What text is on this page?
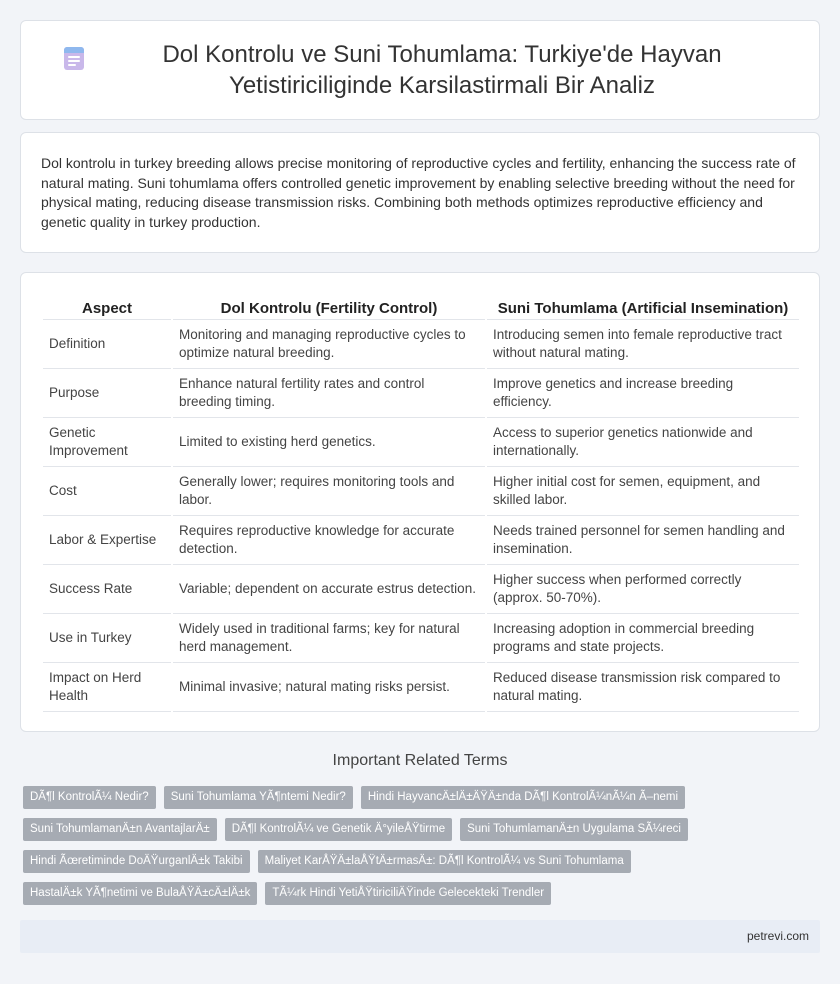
Dol Kontrolu ve Suni Tohumlama: Turkiye'de Hayvan Yetistiriciliginde Karsilastirmali Bir Analiz

Dol kontrolu in turkey breeding allows precise monitoring of reproductive cycles and fertility, enhancing the success rate of natural mating. Suni tohumlama offers controlled genetic improvement by enabling selective breeding without the need for physical mating, reducing disease transmission risks. Combining both methods optimizes reproductive efficiency and genetic quality in turkey production.

Aspect	Dol Kontrolu (Fertility Control)	Suni Tohumlama (Artificial Insemination)
Definition	Monitoring and managing reproductive cycles to optimize natural breeding.	Introducing semen into female reproductive tract without natural mating.
Purpose	Enhance natural fertility rates and control breeding timing.	Improve genetics and increase breeding efficiency.
Genetic Improvement	Limited to existing herd genetics.	Access to superior genetics nationwide and internationally.
Cost	Generally lower; requires monitoring tools and labor.	Higher initial cost for semen, equipment, and skilled labor.
Labor & Expertise	Requires reproductive knowledge for accurate detection.	Needs trained personnel for semen handling and insemination.
Success Rate	Variable; dependent on accurate estrus detection.	Higher success when performed correctly (approx. 50-70%).
Use in Turkey	Widely used in traditional farms; key for natural herd management.	Increasing adoption in commercial breeding programs and state projects.
Impact on Herd Health	Minimal invasive; natural mating risks persist.	Reduced disease transmission risk compared to natural mating.
Important Related Terms
DÃ¶l KontrolÃ¼ Nedir?	Suni Tohumlama YÃ¶ntemi Nedir?	Hindi HayvancÄ±lÄ±ÄŸÄ±nda DÃ¶l KontrolÃ¼nÃ¼n Ã–nemi
Suni TohumlamanÄ±n AvantajlarÄ±	DÃ¶l KontrolÃ¼ ve Genetik Ä°yileÅŸtirme	Suni TohumlamanÄ±n Uygulama SÃ¼reci
Hindi Ãœretiminde DoÄŸurganlÄ±k Takibi	Maliyet KarÅŸÄ±laÅŸtÄ±rmasÄ±: DÃ¶l KontrolÃ¼ vs Suni Tohumlama
HastalÄ±k YÃ¶netimi ve BulaÅŸÄ±cÄ±lÄ±k	TÃ¼rk Hindi YetiÅŸtiriciliÄŸinde Gelecekteki Trendler
petrevi.com
